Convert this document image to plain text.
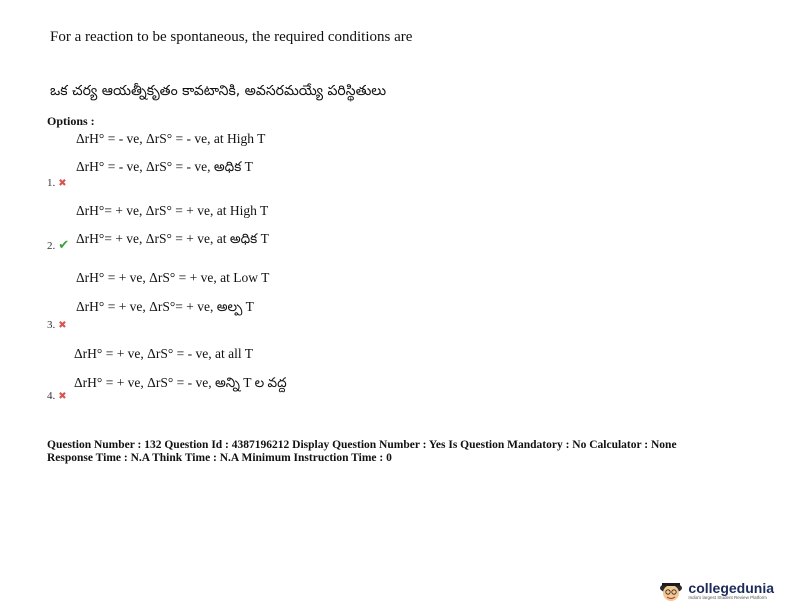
For a reaction to be spontaneous, the required conditions are
ఒక చర్య ఆయత్నీకృతం కావటానికి, అవసరమయ్యే పరిస్థితులు
Options :
ΔrH° = - ve, ΔrS° = - ve, at High T
ΔrH° = - ve, ΔrS° = - ve, అధిక T
1. ✖
ΔrH°= + ve, ΔrS° = + ve, at High T
ΔrH°= + ve, ΔrS° = + ve, at అధిక T
2. ✔
ΔrH° = + ve, ΔrS° = + ve, at Low T
ΔrH° = + ve, ΔrS°= + ve, అల్ప T
3. ✖
ΔrH° = + ve, ΔrS° = - ve, at all T
ΔrH° = + ve, ΔrS° = - ve, అన్ని T ల వద్ద
4. ✖
Question Number : 132 Question Id : 4387196212 Display Question Number : Yes Is Question Mandatory : No Calculator : None
Response Time : N.A Think Time : N.A Minimum Instruction Time : 0
collegedunia
India's largest Student Review Platform
